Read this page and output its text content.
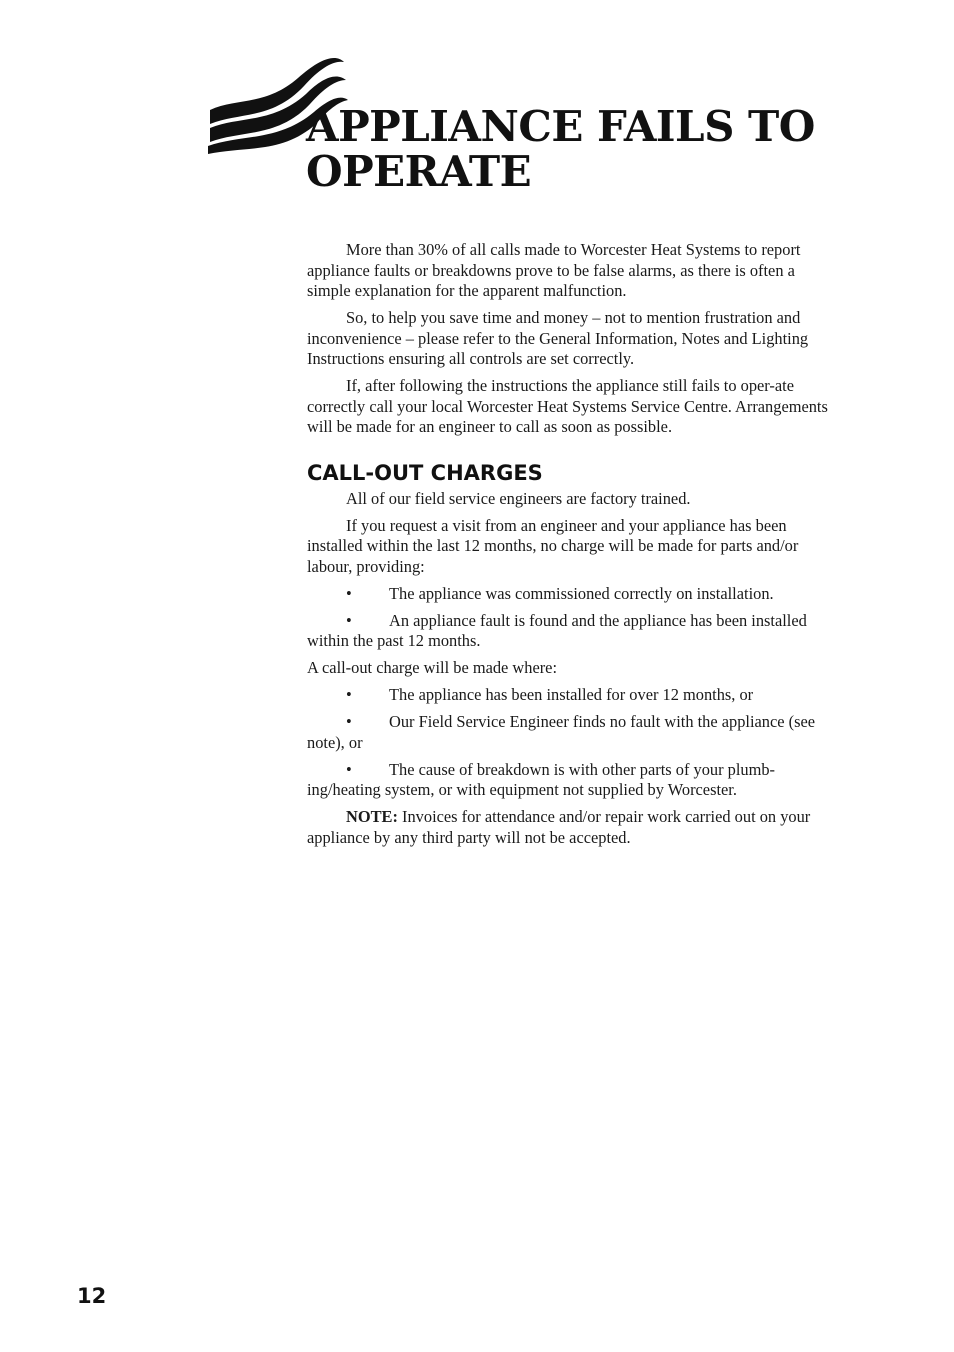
APPLIANCE FAILS TO
OPERATE

More than 30% of all calls made to Worcester Heat Systems to report appliance faults or breakdowns prove to be false alarms, as there is often a simple explanation for the apparent malfunction.

So, to help you save time and money – not to mention frustration and inconvenience – please refer to the General Information, Notes and Lighting Instructions ensuring all controls are set correctly.

If, after following the instructions the appliance still fails to oper-ate correctly call your local Worcester Heat Systems Service Centre. Arrangements will be made for an engineer to call as soon as possible.

CALL-OUT CHARGES

All of our field service engineers are factory trained.

If you request a visit from an engineer and your appliance has been installed within the last 12 months, no charge will be made for parts and/or labour, providing:

• The appliance was commissioned correctly on installation.

• An appliance fault is found and the appliance has been installed within the past 12 months.

A call-out charge will be made where:

• The appliance has been installed for over 12 months, or

• Our Field Service Engineer finds no fault with the appliance (see note), or

• The cause of breakdown is with other parts of your plumb-ing/heating system, or with equipment not supplied by Worcester.

NOTE: Invoices for attendance and/or repair work carried out on your appliance by any third party will not be accepted.

12
